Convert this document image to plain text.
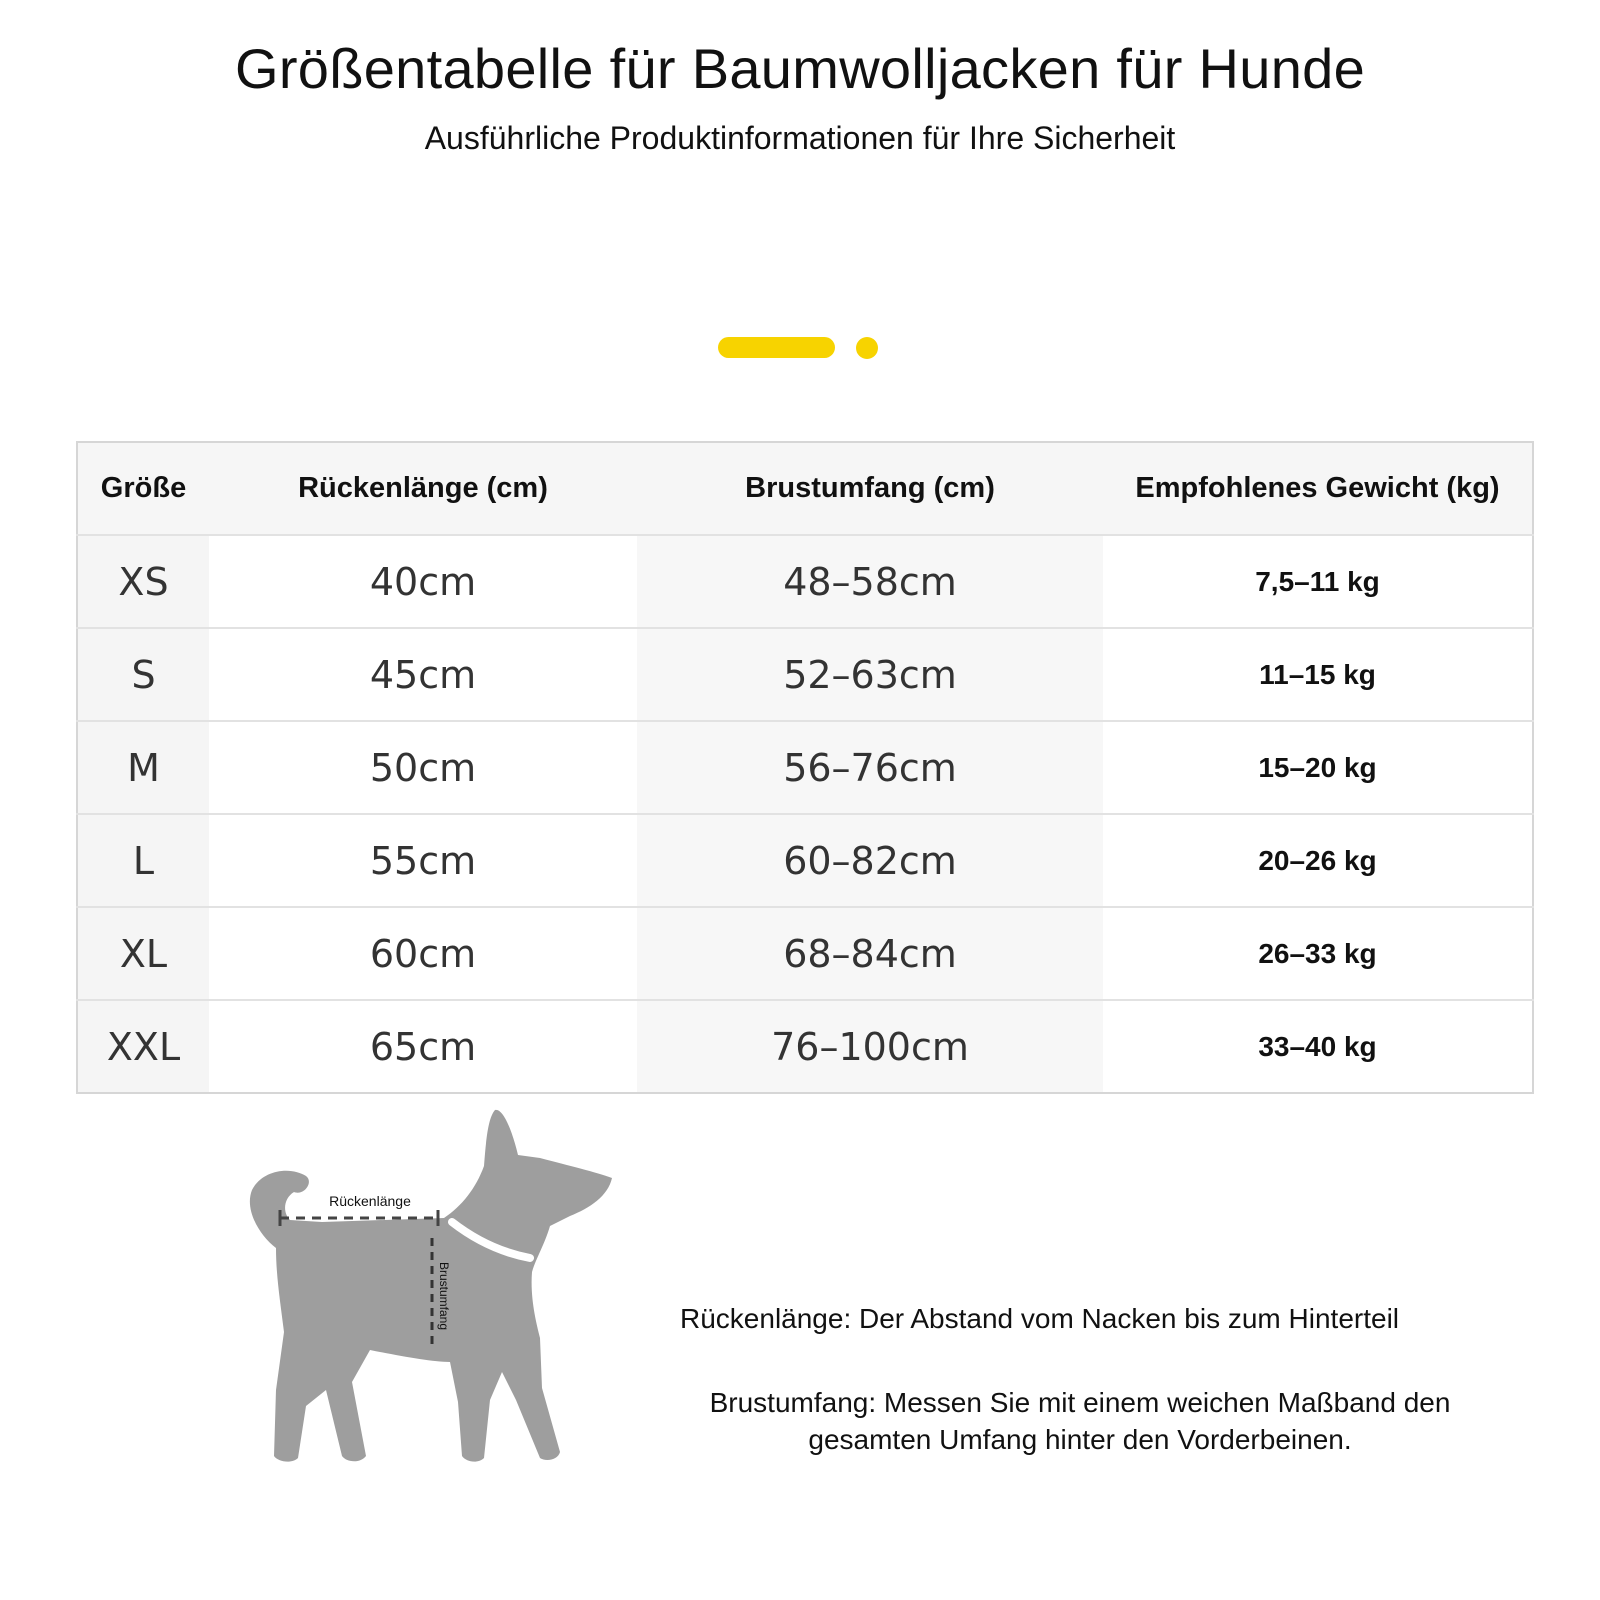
Größentabelle für Baumwolljacken für Hunde
Ausführliche Produktinformationen für Ihre Sicherheit
Größe	Rückenlänge (cm)	Brustumfang (cm)	Empfohlenes Gewicht (kg)
XS	40cm	48–58cm	7,5–11 kg
S	45cm	52–63cm	11–15 kg
M	50cm	56–76cm	15–20 kg
L	55cm	60–82cm	20–26 kg
XL	60cm	68–84cm	26–33 kg
XXL	65cm	76–100cm	33–40 kg
Rückenlänge
Brustumfang	Rückenlänge: Der Abstand vom Nacken bis zum Hinterteil
Brustumfang: Messen Sie mit einem weichen Maßband den gesamten Umfang hinter den Vorderbeinen.
